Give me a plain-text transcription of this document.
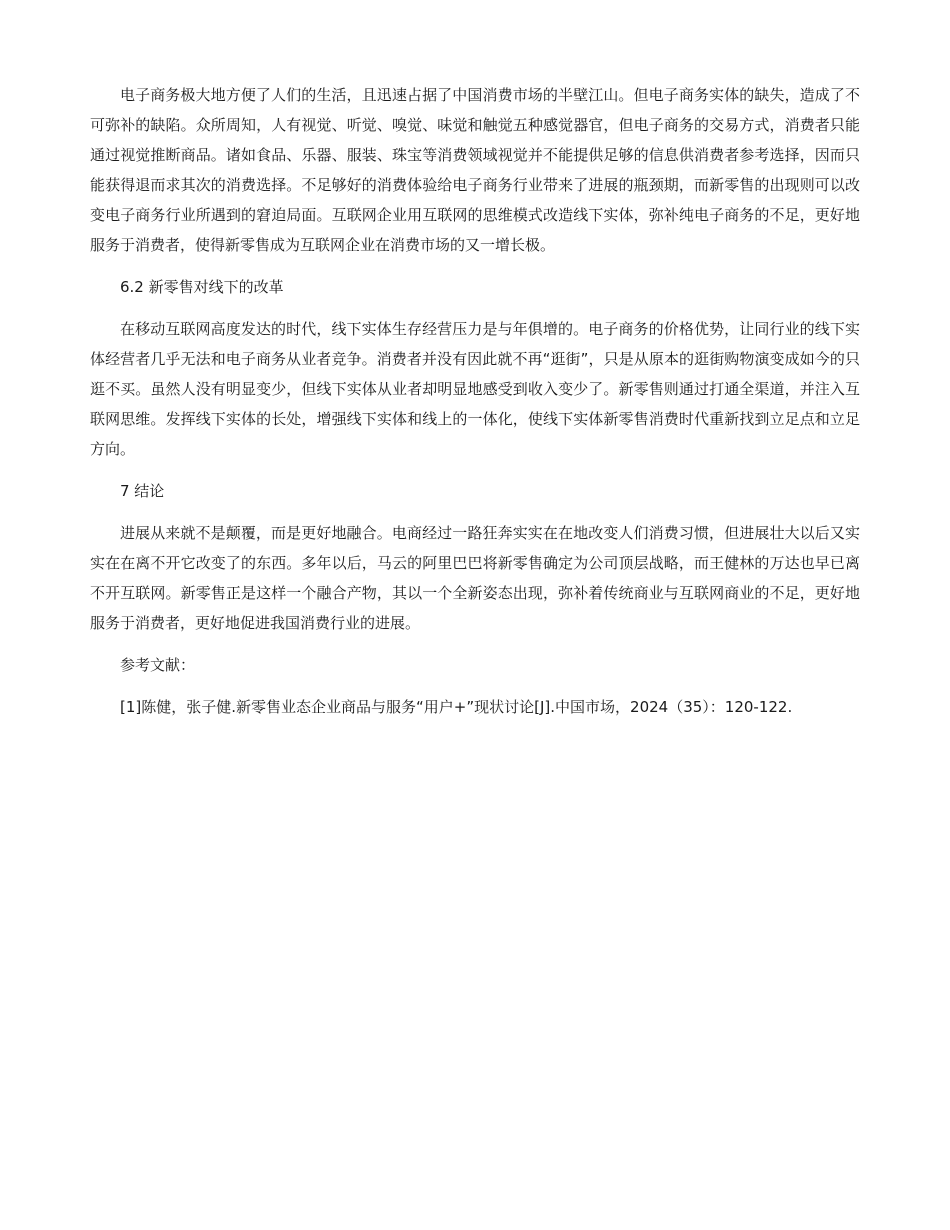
电子商务极大地方便了人们的生活，且迅速占据了中国消费市场的半壁江山。但电子商务实体的缺失，造成了不可弥补的缺陷。众所周知，人有视觉、听觉、嗅觉、味觉和触觉五种感觉器官，但电子商务的交易方式，消费者只能通过视觉推断商品。诸如食品、乐器、服装、珠宝等消费领域视觉并不能提供足够的信息供消费者参考选择，因而只能获得退而求其次的消费选择。不足够好的消费体验给电子商务行业带来了进展的瓶颈期，而新零售的出现则可以改变电子商务行业所遇到的窘迫局面。互联网企业用互联网的思维模式改造线下实体，弥补纯电子商务的不足，更好地服务于消费者，使得新零售成为互联网企业在消费市场的又一增长极。

6.2 新零售对线下的改革

在移动互联网高度发达的时代，线下实体生存经营压力是与年俱增的。电子商务的价格优势，让同行业的线下实体经营者几乎无法和电子商务从业者竞争。消费者并没有因此就不再“逛街”，只是从原本的逛街购物演变成如今的只逛不买。虽然人没有明显变少，但线下实体从业者却明显地感受到收入变少了。新零售则通过打通全渠道，并注入互联网思维。发挥线下实体的长处，增强线下实体和线上的一体化，使线下实体新零售消费时代重新找到立足点和立足方向。

7 结论

进展从来就不是颠覆，而是更好地融合。电商经过一路狂奔实实在在地改变人们消费习惯，但进展壮大以后又实实在在离不开它改变了的东西。多年以后，马云的阿里巴巴将新零售确定为公司顶层战略，而王健林的万达也早已离不开互联网。新零售正是这样一个融合产物，其以一个全新姿态出现，弥补着传统商业与互联网商业的不足，更好地服务于消费者，更好地促进我国消费行业的进展。

参考文献：

[1]陈健，张子健.新零售业态企业商品与服务“用户+”现状讨论[J].中国市场，2024（35）：120-122.
